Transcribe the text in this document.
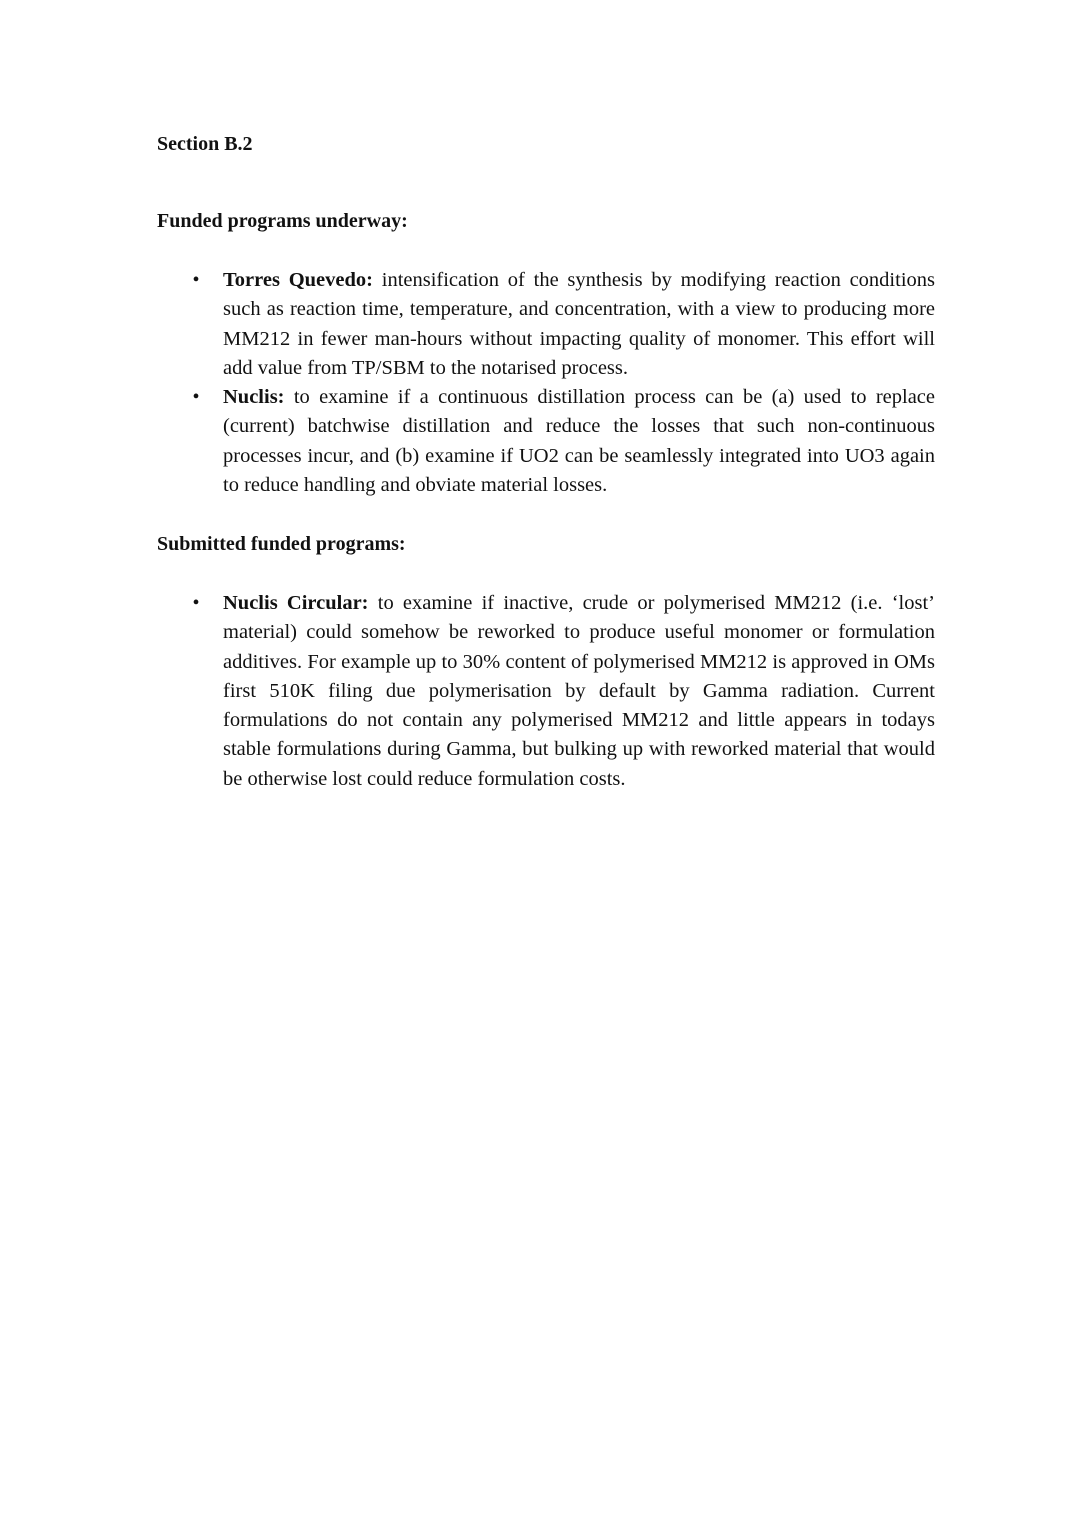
Section B.2
Funded programs underway:
• Torres Quevedo: intensification of the synthesis by modifying reaction conditions such as reaction time, temperature, and concentration, with a view to producing more MM212 in fewer man-hours without impacting quality of monomer. This effort will add value from TP/SBM to the notarised process.
• Nuclis: to examine if a continuous distillation process can be (a) used to replace (current) batchwise distillation and reduce the losses that such non-continuous processes incur, and (b) examine if UO2 can be seamlessly integrated into UO3 again to reduce handling and obviate material losses.
Submitted funded programs:
• Nuclis Circular: to examine if inactive, crude or polymerised MM212 (i.e. ‘lost’ material) could somehow be reworked to produce useful monomer or formulation additives. For example up to 30% content of polymerised MM212 is approved in OMs first 510K filing due polymerisation by default by Gamma radiation. Current formulations do not contain any polymerised MM212 and little appears in todays stable formulations during Gamma, but bulking up with reworked material that would be otherwise lost could reduce formulation costs.
